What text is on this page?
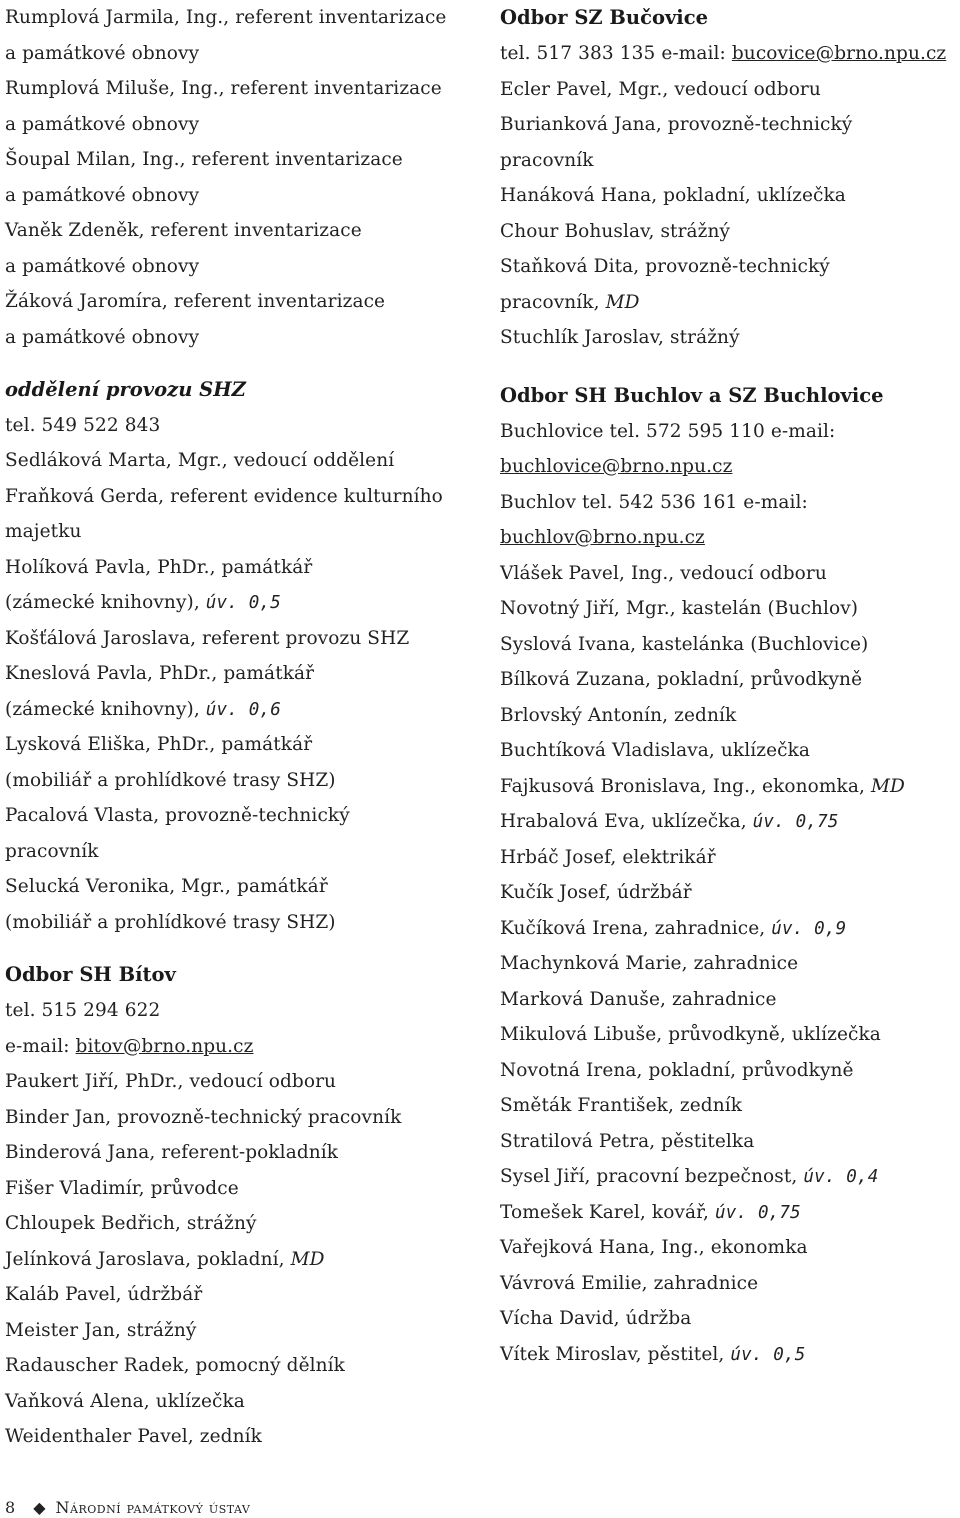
Rumplová Jarmila, Ing., referent inventarizace
a památkové obnovy
Rumplová Miluše, Ing., referent inventarizace
a památkové obnovy
Šoupal Milan, Ing., referent inventarizace
a památkové obnovy
Vaněk Zdeněk, referent inventarizace
a památkové obnovy
Žáková Jaromíra, referent inventarizace
a památkové obnovy
oddělení provozu SHZ
tel. 549 522 843
Sedláková Marta, Mgr., vedoucí oddělení
Fraňková Gerda, referent evidence kulturního
majetku
Holíková Pavla, PhDr., památkář
(zámecké knihovny), úv. 0,5
Košťálová Jaroslava, referent provozu SHZ
Kneslová Pavla, PhDr., památkář
(zámecké knihovny), úv. 0,6
Lysková Eliška, PhDr., památkář
(mobiliář a prohlídkové trasy SHZ)
Pacalová Vlasta, provozně-technický
pracovník
Selucká Veronika, Mgr., památkář
(mobiliář a prohlídkové trasy SHZ)
Odbor SH Bítov
tel. 515 294 622
e-mail: bitov@brno.npu.cz
Paukert Jiří, PhDr., vedoucí odboru
Binder Jan, provozně-technický pracovník
Binderová Jana, referent-pokladník
Fišer Vladimír, průvodce
Chloupek Bedřich, strážný
Jelínková Jaroslava, pokladní, MD
Kaláb Pavel, údržbář
Meister Jan, strážný
Radauscher Radek, pomocný dělník
Vaňková Alena, uklízečka
Weidenthaler Pavel, zedník
Odbor SZ Bučovice
tel. 517 383 135 e-mail: bucovice@brno.npu.cz
Ecler Pavel, Mgr., vedoucí odboru
Burianková Jana, provozně-technický
pracovník
Hanáková Hana, pokladní, uklízečka
Chour Bohuslav, strážný
Staňková Dita, provozně-technický
pracovník, MD
Stuchlík Jaroslav, strážný
Odbor SH Buchlov a SZ Buchlovice
Buchlovice tel. 572 595 110 e-mail:
buchlovice@brno.npu.cz
Buchlov tel. 542 536 161 e-mail:
buchlov@brno.npu.cz
Vlášek Pavel, Ing., vedoucí odboru
Novotný Jiří, Mgr., kastelán (Buchlov)
Syslová Ivana, kastelánka (Buchlovice)
Bílková Zuzana, pokladní, průvodkyně
Brlovský Antonín, zedník
Buchtíková Vladislava, uklízečka
Fajkusová Bronislava, Ing., ekonomka, MD
Hrabalová Eva, uklízečka, úv. 0,75
Hrbáč Josef, elektrikář
Kučík Josef, údržbář
Kučíková Irena, zahradnice, úv. 0,9
Machynková Marie, zahradnice
Marková Danuše, zahradnice
Mikulová Libuše, průvodkyně, uklízečka
Novotná Irena, pokladní, průvodkyně
Směták František, zedník
Stratilová Petra, pěstitelka
Sysel Jiří, pracovní bezpečnost, úv. 0,4
Tomešek Karel, kovář, úv. 0,75
Vařejková Hana, Ing., ekonomka
Vávrová Emilie, zahradnice
Vícha David, údržba
Vítek Miroslav, pěstitel, úv. 0,5
8 ◆ Národní památkový ústav
